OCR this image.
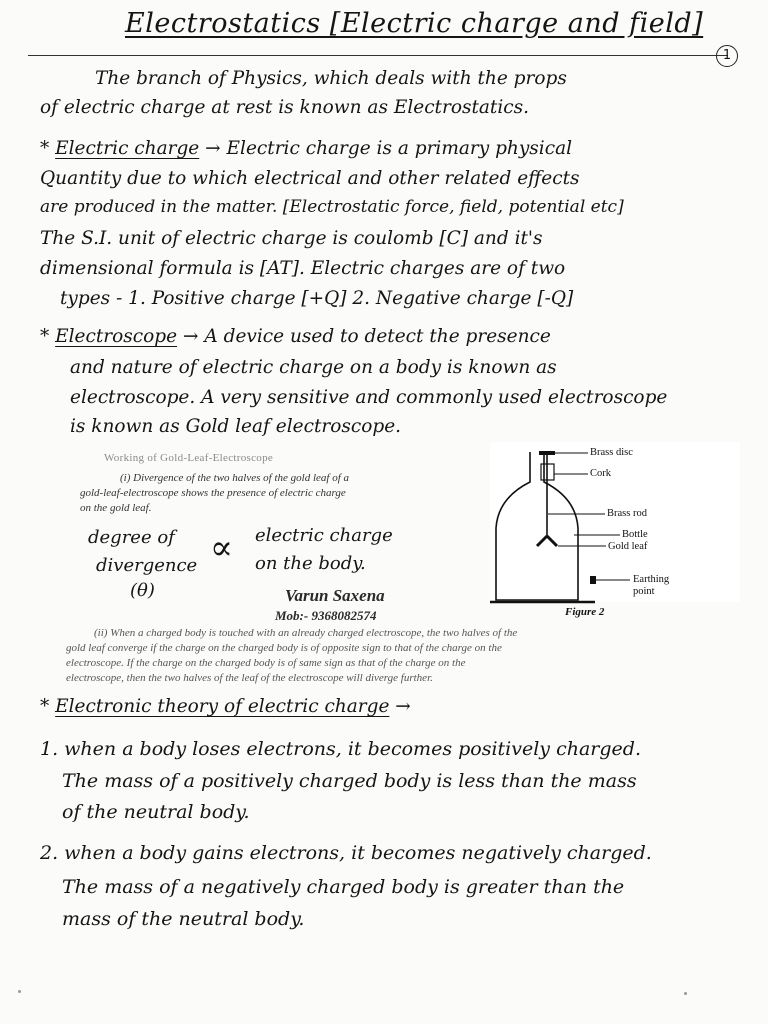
Electrostatics [Electric charge and field]
1
The branch of Physics, which deals with the props
of electric charge at rest is known as Electrostatics.
* Electric charge → Electric charge is a primary physical
Quantity due to which electrical and other related effects
are produced in the matter. [Electrostatic force, field, potential etc]
The S.I. unit of electric charge is coulomb [C] and it's
dimensional formula is [AT]. Electric charges are of two
types - 1. Positive charge [+Q] 2. Negative charge [-Q]
* Electroscope → A device used to detect the presence
and nature of electric charge on a body is known as
electroscope. A very sensitive and commonly used electroscope
is known as Gold leaf electroscope.
Working of Gold-Leaf-Electroscope
(i) Divergence of the two halves of the gold leaf of a
gold-leaf-electroscope shows the presence of electric charge
on the gold leaf.
degree of
divergence
(θ)
∝ electric charge
on the body.
Varun Saxena
Mob:- 9368082574
Brass disc
Cork
Brass rod
Bottle
Gold leaf
Earthing
point
Figure 2
(ii) When a charged body is touched with an already charged electroscope, the two halves of the
gold leaf converge if the charge on the charged body is of opposite sign to that of the charge on the
electroscope. If the charge on the charged body is of same sign as that of the charge on the
electroscope, then the two halves of the leaf of the electroscope will diverge further.
* Electronic theory of electric charge →
1. when a body loses electrons, it becomes positively charged.
The mass of a positively charged body is less than the mass
of the neutral body.
2. when a body gains electrons, it becomes negatively charged.
The mass of a negatively charged body is greater than the
mass of the neutral body.
